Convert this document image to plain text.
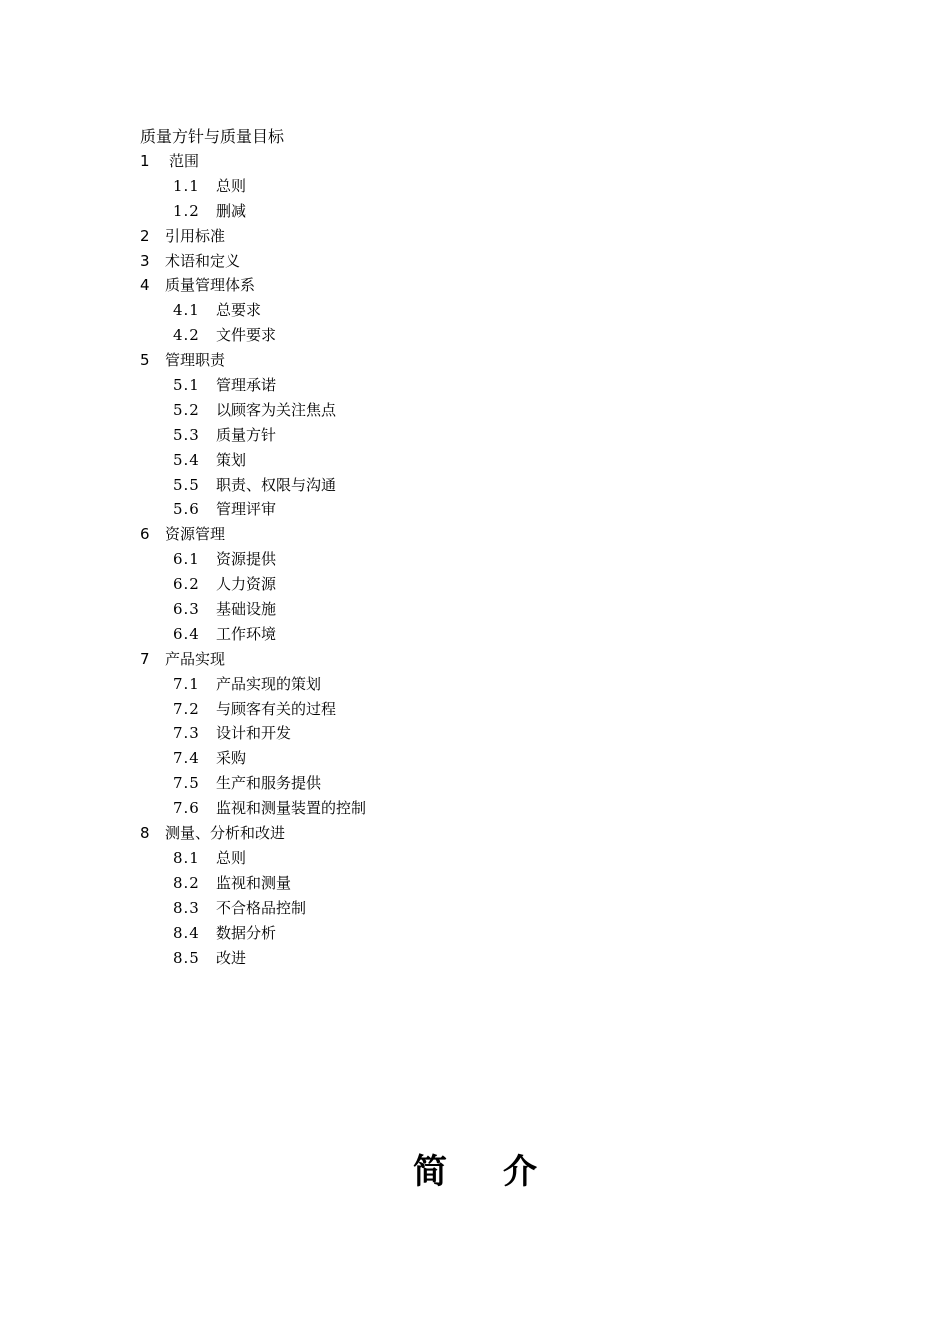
质量方针与质量目标
1 范围
1.1 总则
1.2 删减
2 引用标准
3 术语和定义
4 质量管理体系
4.1 总要求
4.2 文件要求
5 管理职责
5.1 管理承诺
5.2 以顾客为关注焦点
5.3 质量方针
5.4 策划
5.5 职责、权限与沟通
5.6 管理评审
6 资源管理
6.1 资源提供
6.2 人力资源
6.3 基础设施
6.4 工作环境
7 产品实现
7.1 产品实现的策划
7.2 与顾客有关的过程
7.3 设计和开发
7.4 采购
7.5 生产和服务提供
7.6 监视和测量装置的控制
8 测量、分析和改进
8.1 总则
8.2 监视和测量
8.3 不合格品控制
8.4 数据分析
8.5 改进
简介
